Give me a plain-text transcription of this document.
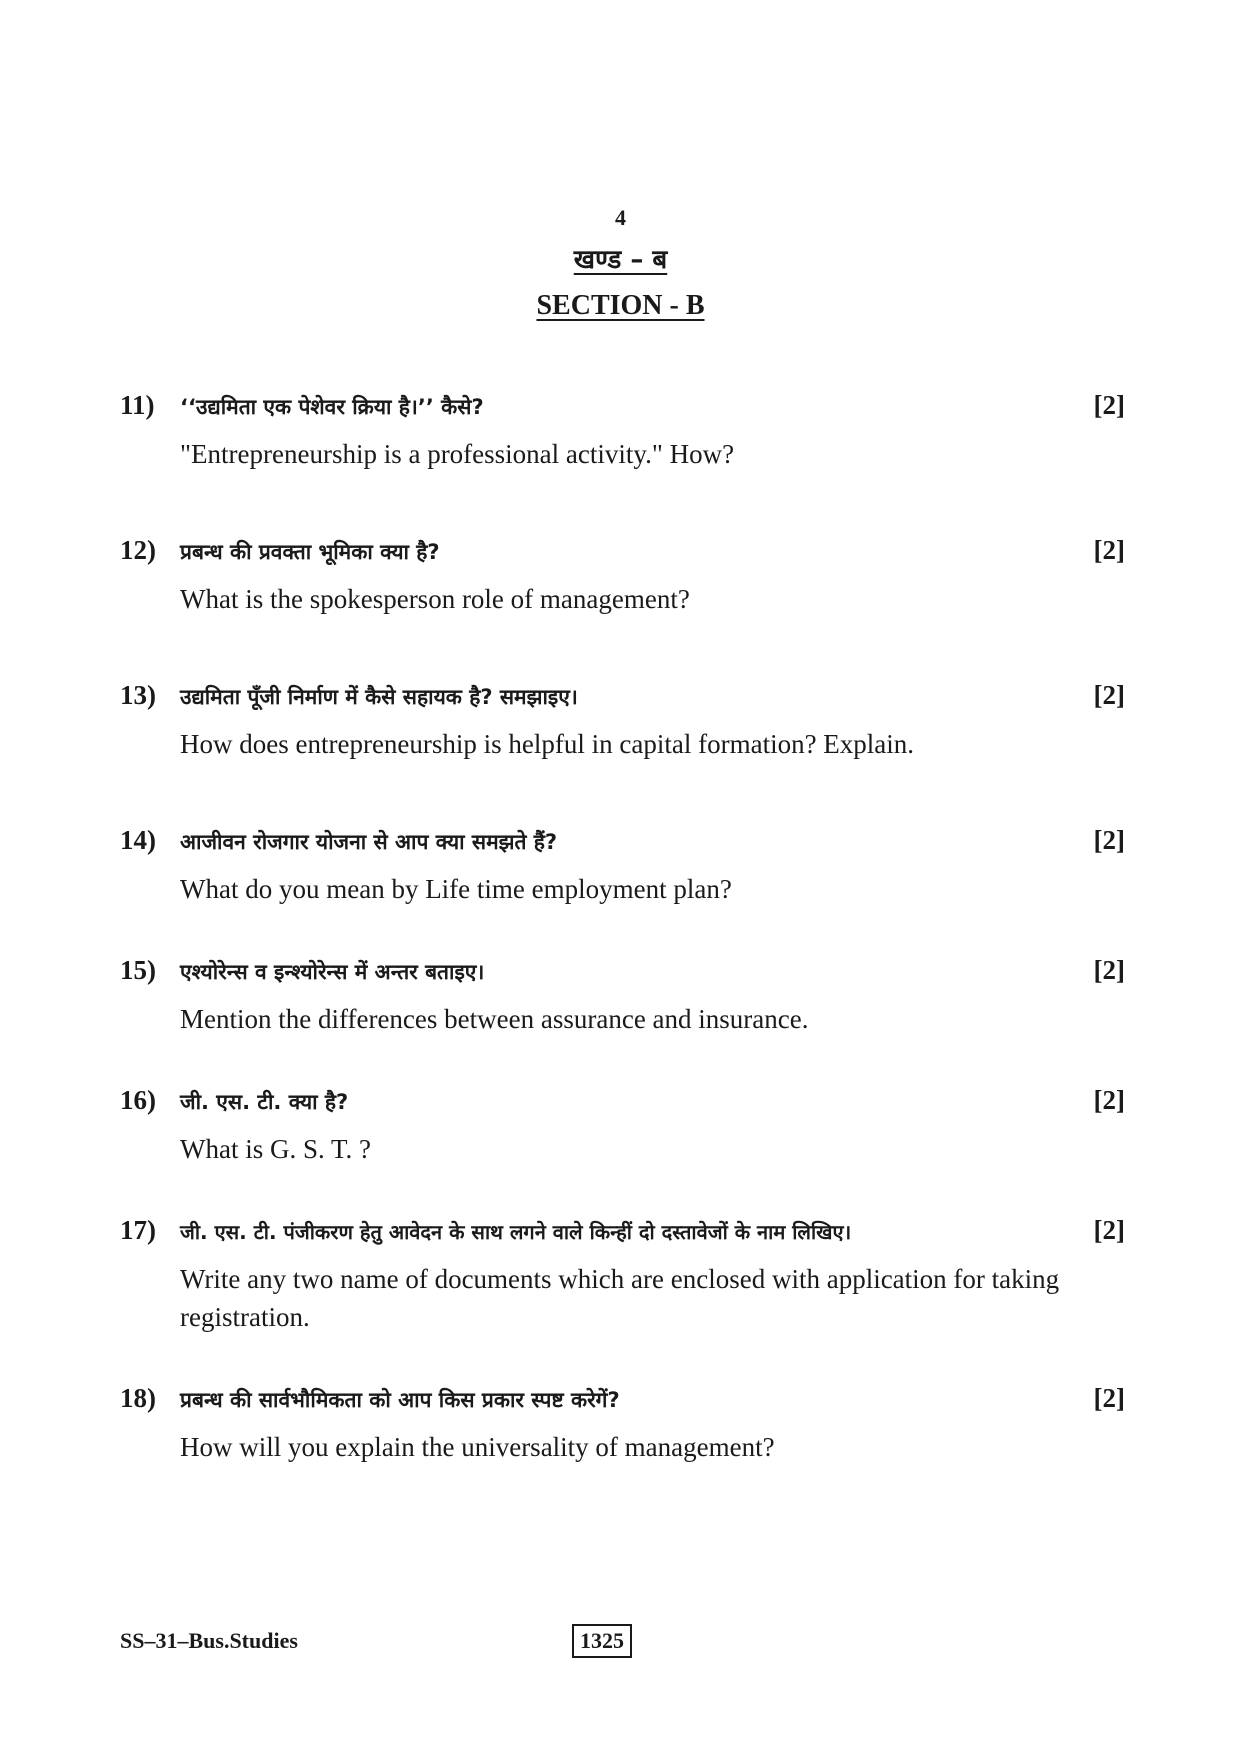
4
खण्ड – ब
SECTION - B
11) ‘‘उद्यमिता एक पेशेवर क्रिया है।’’ कैसे?	[2]
"Entrepreneurship is a professional activity." How?
12) प्रबन्ध की प्रवक्ता भूमिका क्या है?	[2]
What is the spokesperson role of management?
13) उद्यमिता पूँजी निर्माण में कैसे सहायक है? समझाइए।	[2]
How does entrepreneurship is helpful in capital formation? Explain.
14) आजीवन रोजगार योजना से आप क्या समझते हैं?	[2]
What do you mean by Life time employment plan?
15) एश्योरेन्स व इन्श्योरेन्स में अन्तर बताइए।	[2]
Mention the differences between assurance and insurance.
16) जी. एस. टी. क्या है?	[2]
What is G. S. T. ?
17) जी. एस. टी. पंजीकरण हेतु आवेदन के साथ लगने वाले किन्हीं दो दस्तावेजों के नाम लिखिए।	[2]
Write any two name of documents which are enclosed with application for taking registration.
18) प्रबन्ध की सार्वभौमिकता को आप किस प्रकार स्पष्ट करेगें?	[2]
How will you explain the universality of management?
SS–31–Bus.Studies	1325
